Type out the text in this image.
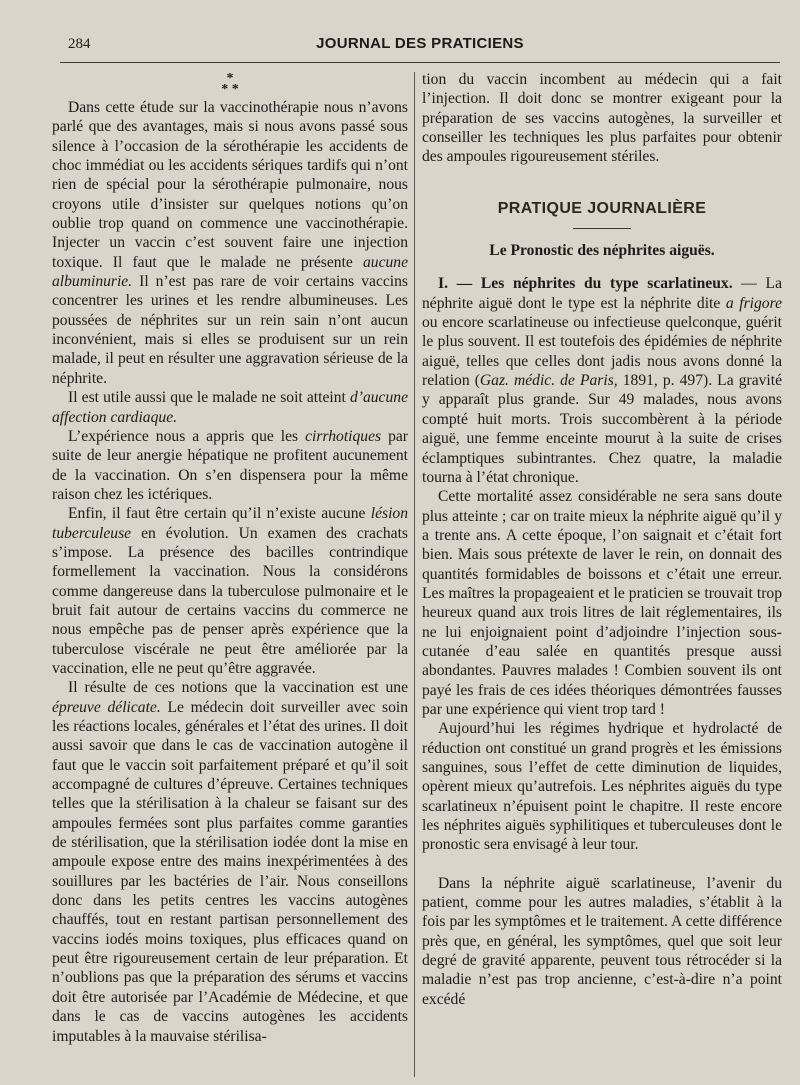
284	JOURNAL DES PRATICIENS
*
* *

Dans cette étude sur la vaccinothérapie nous n’avons parlé que des avantages, mais si nous avons passé sous silence à l’occasion de la sérothérapie les accidents de choc immédiat ou les accidents sériques tardifs qui n’ont rien de spécial pour la sérothérapie pulmonaire, nous croyons utile d’insister sur quelques notions qu’on oublie trop quand on commence une vaccinothérapie. Injecter un vaccin c’est souvent faire une injection toxique. Il faut que le malade ne présente aucune albuminurie. Il n’est pas rare de voir certains vaccins concentrer les urines et les rendre albumineuses. Les poussées de néphrites sur un rein sain n’ont aucun inconvénient, mais si elles se produisent sur un rein malade, il peut en résulter une aggravation sérieuse de la néphrite.

Il est utile aussi que le malade ne soit atteint d’aucune affection cardiaque.

L’expérience nous a appris que les cirrhotiques par suite de leur anergie hépatique ne profitent aucunement de la vaccination. On s’en dispensera pour la même raison chez les ictériques.

Enfin, il faut être certain qu’il n’existe aucune lésion tuberculeuse en évolution. Un examen des crachats s’impose. La présence des bacilles contrindique formellement la vaccination. Nous la considérons comme dangereuse dans la tuberculose pulmonaire et le bruit fait autour de certains vaccins du commerce ne nous empêche pas de penser après expérience que la tuberculose viscérale ne peut être améliorée par la vaccination, elle ne peut qu’être aggravée.

Il résulte de ces notions que la vaccination est une épreuve délicate. Le médecin doit surveiller avec soin les réactions locales, générales et l’état des urines. Il doit aussi savoir que dans le cas de vaccination autogène il faut que le vaccin soit parfaitement préparé et qu’il soit accompagné de cultures d’épreuve. Certaines techniques telles que la stérilisation à la chaleur se faisant sur des ampoules fermées sont plus parfaites comme garanties de stérilisation, que la stérilisation iodée dont la mise en ampoule expose entre des mains inexpérimentées à des souillures par les bactéries de l’air. Nous conseillons donc dans les petits centres les vaccins autogènes chauffés, tout en restant partisan personnellement des vaccins iodés moins toxiques, plus efficaces quand on peut être rigoureusement certain de leur préparation. Et n’oublions pas que la préparation des sérums et vaccins doit être autorisée par l’Académie de Médecine, et que dans le cas de vaccins autogènes les accidents imputables à la mauvaise stérilisa-

tion du vaccin incombent au médecin qui a fait l’injection. Il doit donc se montrer exigeant pour la préparation de ses vaccins autogènes, la surveiller et conseiller les techniques les plus parfaites pour obtenir des ampoules rigoureusement stériles.

PRATIQUE JOURNALIÈRE
Le Pronostic des néphrites aiguës.

I. — Les néphrites du type scarlatineux. — La néphrite aiguë dont le type est la néphrite dite a frigore ou encore scarlatineuse ou infectieuse quelconque, guérit le plus souvent. Il est toutefois des épidémies de néphrite aiguë, telles que celles dont jadis nous avons donné la relation (Gaz. médic. de Paris, 1891, p. 497). La gravité y apparaît plus grande. Sur 49 malades, nous avons compté huit morts. Trois succombèrent à la période aiguë, une femme enceinte mourut à la suite de crises éclamptiques subintrantes. Chez quatre, la maladie tourna à l’état chronique.

Cette mortalité assez considérable ne sera sans doute plus atteinte ; car on traite mieux la néphrite aiguë qu’il y a trente ans. A cette époque, l’on saignait et c’était fort bien. Mais sous prétexte de laver le rein, on donnait des quantités formidables de boissons et c’était une erreur. Les maîtres la propageaient et le praticien se trouvait trop heureux quand aux trois litres de lait réglementaires, ils ne lui enjoignaient point d’adjoindre l’injection sous-cutanée d’eau salée en quantités presque aussi abondantes. Pauvres malades ! Combien souvent ils ont payé les frais de ces idées théoriques démontrées fausses par une expérience qui vient trop tard !

Aujourd’hui les régimes hydrique et hydrolacté de réduction ont constitué un grand progrès et les émissions sanguines, sous l’effet de cette diminution de liquides, opèrent mieux qu’autrefois. Les néphrites aiguës du type scarlatineux n’épuisent point le chapitre. Il reste encore les néphrites aiguës syphilitiques et tuberculeuses dont le pronostic sera envisagé à leur tour.

Dans la néphrite aiguë scarlatineuse, l’avenir du patient, comme pour les autres maladies, s’établit à la fois par les symptômes et le traitement. A cette différence près que, en général, les symptômes, quel que soit leur degré de gravité apparente, peuvent tous rétrocéder si la maladie n’est pas trop ancienne, c’est-à-dire n’a point excédé
